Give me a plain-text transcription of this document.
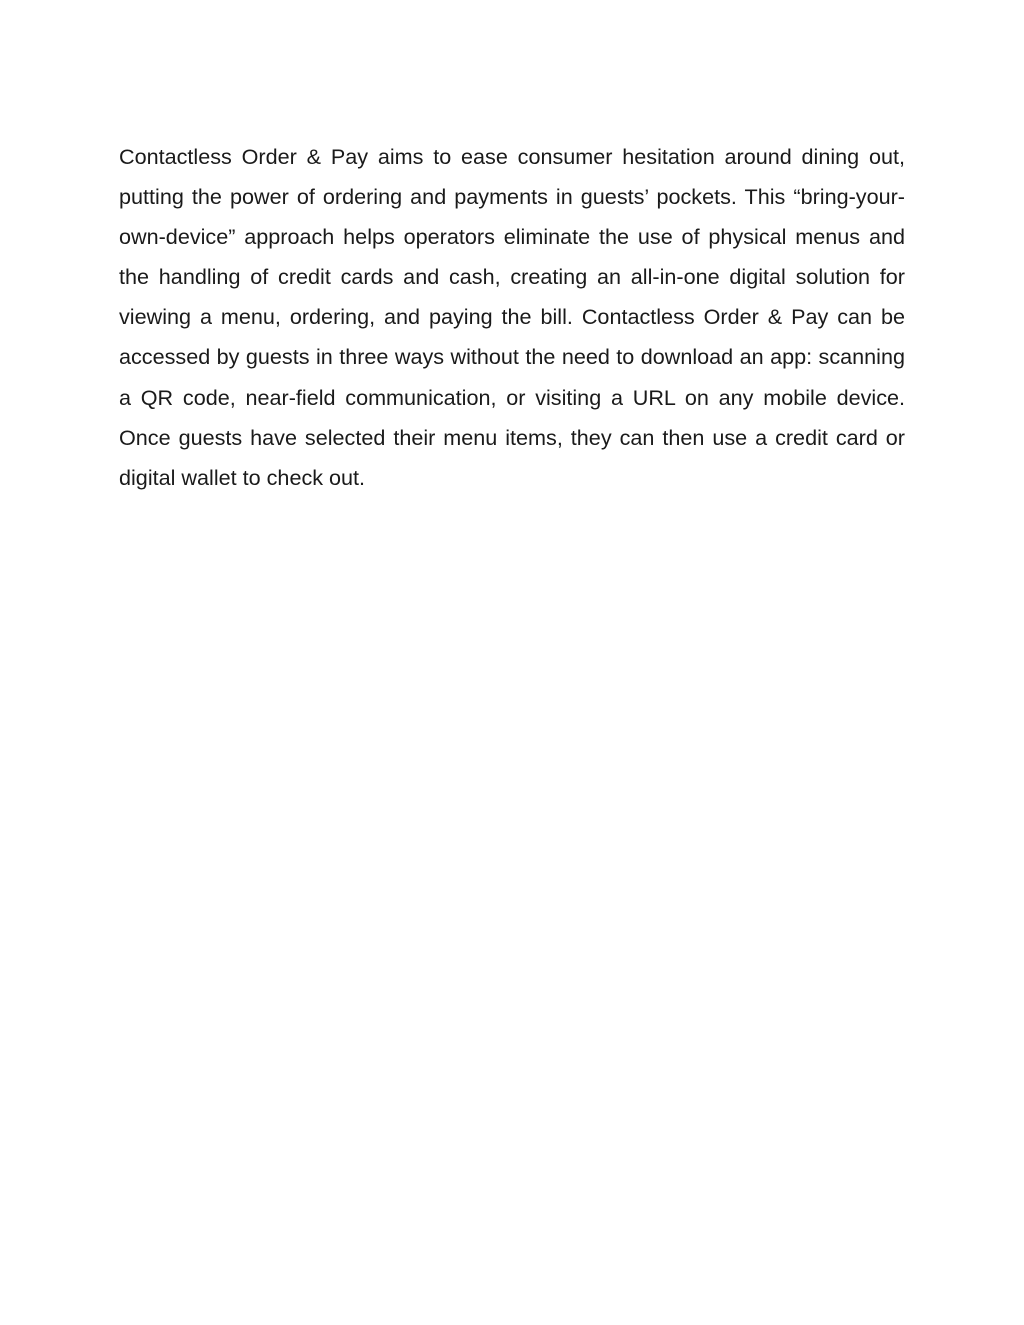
Contactless Order & Pay aims to ease consumer hesitation around dining out, putting the power of ordering and payments in guests’ pockets. This “bring-your-own-device” approach helps operators eliminate the use of physical menus and the handling of credit cards and cash, creating an all-in-one digital solution for viewing a menu, ordering, and paying the bill. Contactless Order & Pay can be accessed by guests in three ways without the need to download an app: scanning a QR code, near-field communication, or visiting a URL on any mobile device. Once guests have selected their menu items, they can then use a credit card or digital wallet to check out.
